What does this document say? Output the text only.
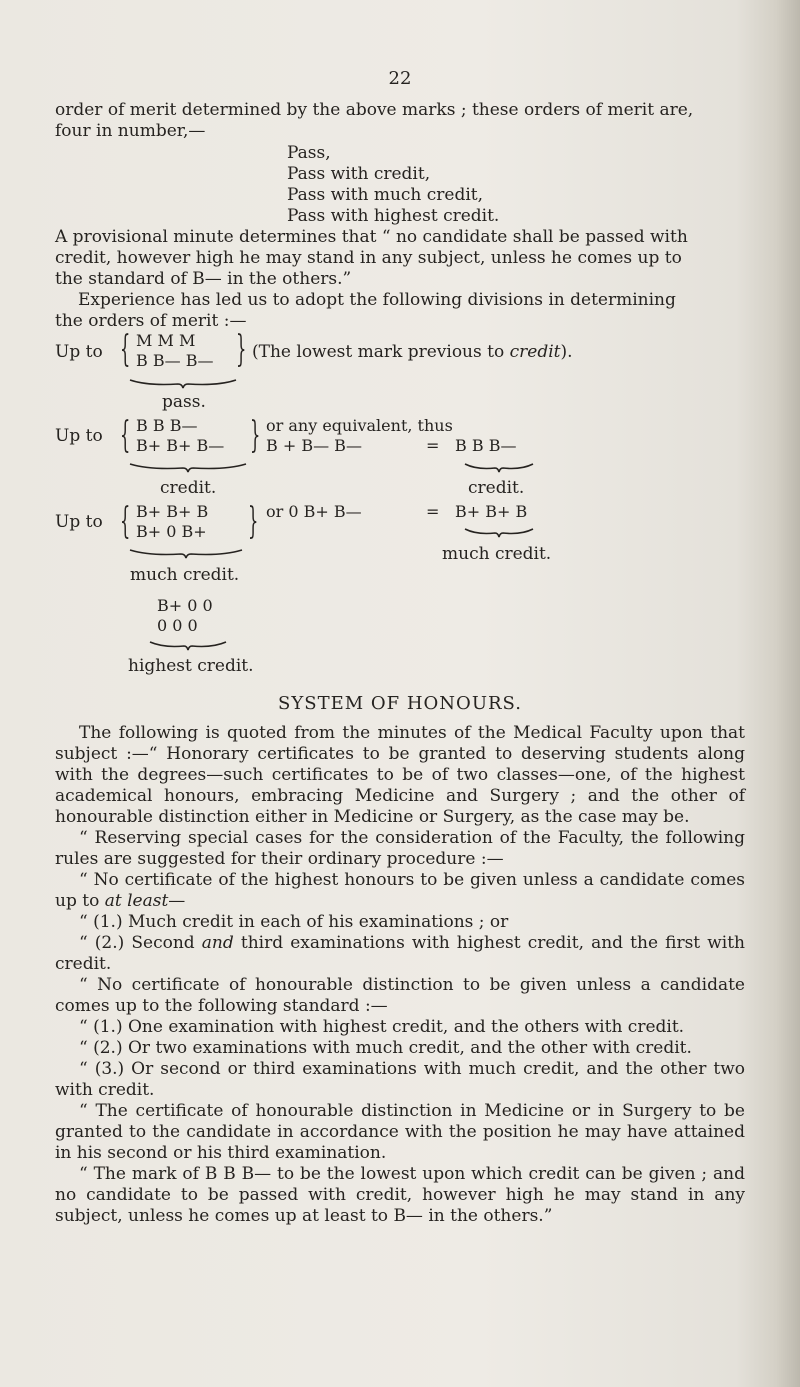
22
order of merit determined by the above marks ; these orders of merit are,
four in number,—
Pass,
Pass with credit,
Pass with much credit,
Pass with highest credit.
A provisional minute determines that “ no candidate shall be passed with
credit, however high he may stand in any subject, unless he comes up to
the standard of B— in the others.”
Experience has led us to adopt the following divisions in determining
the orders of merit :—
Up to { M M M
B B— B— } (The lowest mark previous to credit).
pass.
Up to { B B B—
B+ B+ B— } or any equivalent, thus
B + B— B—	= B B B—
credit.	credit.
Up to { B+ B+ B
B+ 0 B+ } or 0 B+ B—	= B+ B+ B
much credit.
much credit.
B+ 0 0
0 0 0
highest credit.
SYSTEM OF HONOURS.

The following is quoted from the minutes of the Medical Faculty upon that subject :—“ Honorary certificates to be granted to deserving students along with the degrees—such certificates to be of two classes—one, of the highest academical honours, embracing Medicine and Surgery ; and the other of honourable distinction either in Medicine or Surgery, as the case may be.

“ Reserving special cases for the consideration of the Faculty, the following rules are suggested for their ordinary procedure :—

“ No certificate of the highest honours to be given unless a candidate comes up to at least—

“ (1.) Much credit in each of his examinations ; or

“ (2.) Second and third examinations with highest credit, and the first with credit.

“ No certificate of honourable distinction to be given unless a candidate comes up to the following standard :—

“ (1.) One examination with highest credit, and the others with credit.

“ (2.) Or two examinations with much credit, and the other with credit.

“ (3.) Or second or third examinations with much credit, and the other two with credit.

“ The certificate of honourable distinction in Medicine or in Surgery to be granted to the candidate in accordance with the position he may have attained in his second or his third examination.

“ The mark of B B B— to be the lowest upon which credit can be given ; and no candidate to be passed with credit, however high he may stand in any subject, unless he comes up at least to B— in the others.”
